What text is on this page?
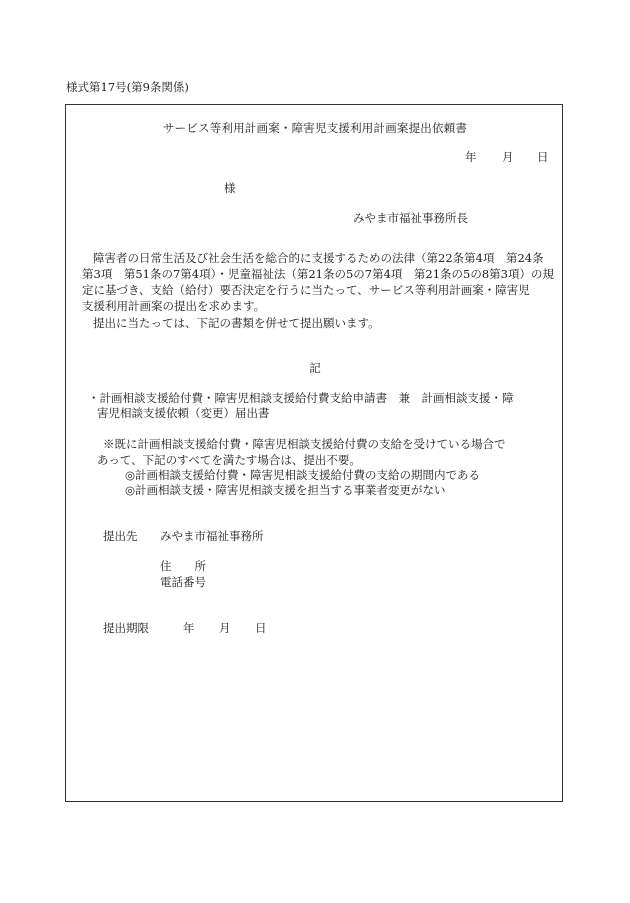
様式第17号(第9条関係)
サービス等利用計画案・障害児支援利用計画案提出依頼書
年 月 日
様
みやま市福祉事務所長
障害者の日常生活及び社会生活を総合的に支援するための法律（第22条第4項　第24条
第3項　第51条の7第4項）・児童福祉法（第21条の5の7第4項　第21条の5の8第3項）の規
定に基づき、支給（給付）要否決定を行うに当たって、サービス等利用計画案・障害児
支援利用計画案の提出を求めます。
提出に当たっては、下記の書類を併せて提出願います。
記
・計画相談支援給付費・障害児相談支援給付費支給申請書　兼　計画相談支援・障
害児相談支援依頼（変更）届出書
※既に計画相談支援給付費・障害児相談支援給付費の支給を受けている場合で
あって、下記のすべてを満たす場合は、提出不要。
◎計画相談支援給付費・障害児相談支援給付費の支給の期間内である
◎計画相談支援・障害児相談支援を担当する事業者変更がない
提出先 みやま市福祉事務所
住　　所
電話番号
提出期限	年 月 日
